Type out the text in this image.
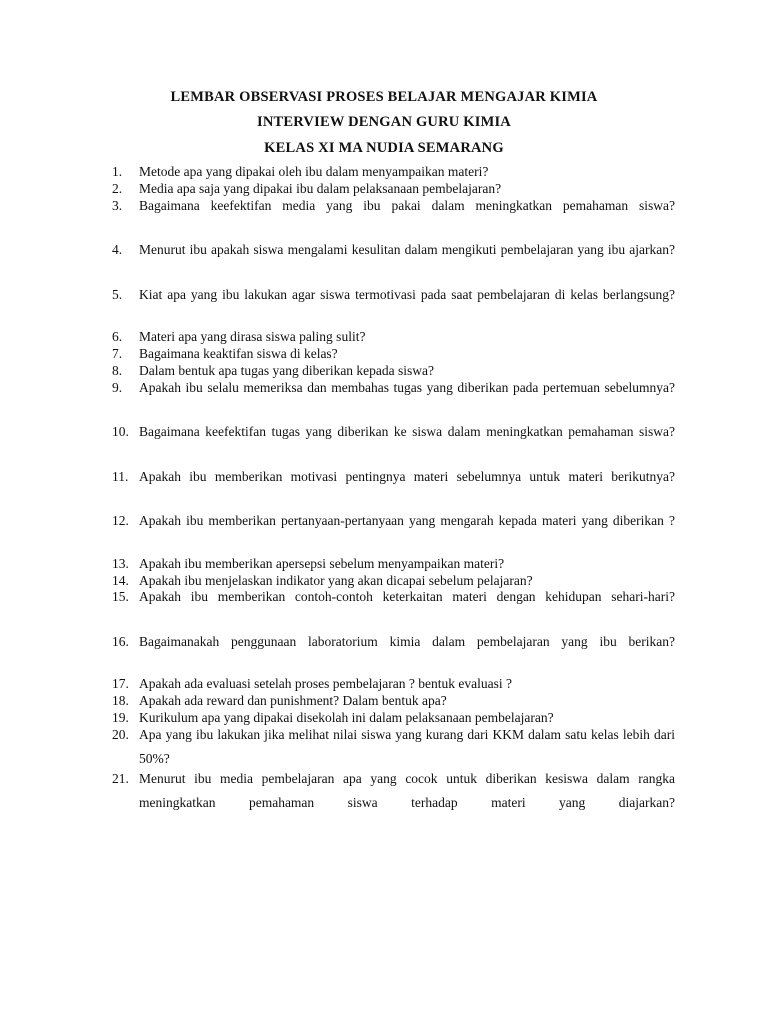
LEMBAR OBSERVASI PROSES BELAJAR MENGAJAR KIMIA
INTERVIEW DENGAN GURU KIMIA
KELAS XI MA NUDIA SEMARANG
1. Metode apa yang dipakai oleh ibu dalam menyampaikan materi?
2. Media apa saja yang dipakai ibu dalam pelaksanaan pembelajaran?
3. Bagaimana keefektifan media yang ibu pakai dalam meningkatkan pemahaman siswa?
4. Menurut ibu apakah siswa mengalami kesulitan dalam mengikuti pembelajaran yang ibu ajarkan?
5. Kiat apa yang ibu lakukan agar siswa termotivasi pada saat pembelajaran di kelas berlangsung?
6. Materi apa yang dirasa siswa paling sulit?
7. Bagaimana keaktifan siswa di kelas?
8. Dalam bentuk apa tugas yang diberikan kepada siswa?
9. Apakah ibu selalu memeriksa dan membahas tugas yang diberikan pada pertemuan sebelumnya?
10. Bagaimana keefektifan tugas yang diberikan ke siswa dalam meningkatkan pemahaman siswa?
11. Apakah ibu memberikan motivasi pentingnya materi sebelumnya untuk materi berikutnya?
12. Apakah ibu memberikan pertanyaan-pertanyaan yang mengarah kepada materi yang diberikan ?
13. Apakah ibu memberikan apersepsi sebelum menyampaikan materi?
14. Apakah ibu menjelaskan indikator yang akan dicapai sebelum pelajaran?
15. Apakah ibu memberikan contoh-contoh keterkaitan materi dengan kehidupan sehari-hari?
16. Bagaimanakah penggunaan laboratorium kimia dalam pembelajaran yang ibu berikan?
17. Apakah ada evaluasi setelah proses pembelajaran ? bentuk evaluasi ?
18. Apakah ada reward dan punishment? Dalam bentuk apa?
19. Kurikulum apa yang dipakai disekolah ini dalam pelaksanaan pembelajaran?
20. Apa yang ibu lakukan jika melihat nilai siswa yang kurang dari KKM dalam satu kelas lebih dari 50%?
21. Menurut ibu media pembelajaran apa yang cocok untuk diberikan kesiswa dalam rangka meningkatkan pemahaman siswa terhadap materi yang diajarkan?
